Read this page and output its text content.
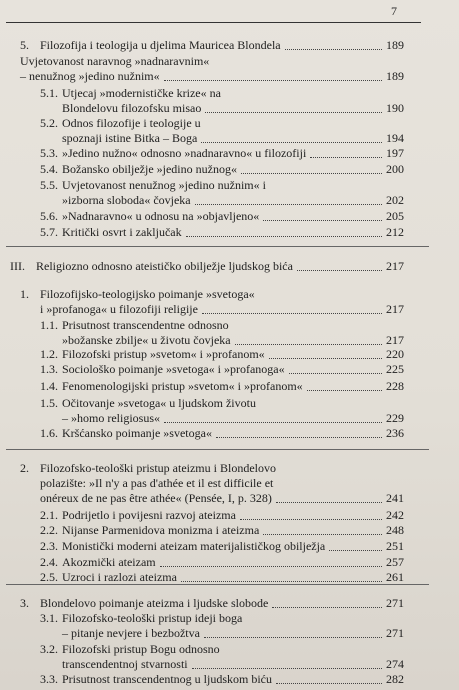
7
5. Filozofija i teologija u djelima Mauricea Blondela	189
Uvjetovanost naravnog »nadnaravnim«
– nenužnog »jedino nužnim«	189
5.1. Utjecaj »modernističke krize« na
Blondelovu filozofsku misao	190
5.2. Odnos filozofije i teologije u
spoznaji istine Bitka – Boga	194
5.3. »Jedino nužno« odnosno »nadnaravno« u filozofiji	197
5.4. Božansko obilježje »jedino nužnog«	200
5.5. Uvjetovanost nenužnog »jedino nužnim« i
»izborna sloboda« čovjeka	202
5.6. »Nadnaravno« u odnosu na »objavljeno«	205
5.7. Kritički osvrt i zaključak	212
III. Religiozno odnosno ateističko obilježje ljudskog bića	217
1. Filozofijsko-teologijsko poimanje »svetoga«
i »profanoga« u filozofiji religije	217
1.1. Prisutnost transcendentne odnosno
»božanske zbilje« u životu čovjeka	217
1.2. Filozofski pristup »svetom« i »profanom«	220
1.3. Sociološko poimanje »svetoga« i »profanoga«	225
1.4. Fenomenologijski pristup »svetom« i »profanom«	228
1.5. Očitovanje »svetoga« u ljudskom životu
– »homo religiosus«	229
1.6. Kršćansko poimanje »svetoga«	236
2. Filozofsko-teološki pristup ateizmu i Blondelovo
polazište: »Il n'y a pas d'athée et il est difficile et
onéreux de ne pas être athée« (Pensée, I, p. 328)	241
2.1. Podrijetlo i povijesni razvoj ateizma	242
2.2. Nijanse Parmenidova monizma i ateizma	248
2.3. Monistički moderni ateizam materijalističkog obilježja	251
2.4. Akozmički ateizam	257
2.5. Uzroci i razlozi ateizma	261
3. Blondelovo poimanje ateizma i ljudske slobode	271
3.1. Filozofsko-teološki pristup ideji boga
– pitanje nevjere i bezbožtva	271
3.2. Filozofski pristup Bogu odnosno
transcendentnoj stvarnosti	274
3.3. Prisutnost transcendentnog u ljudskom biću	282
